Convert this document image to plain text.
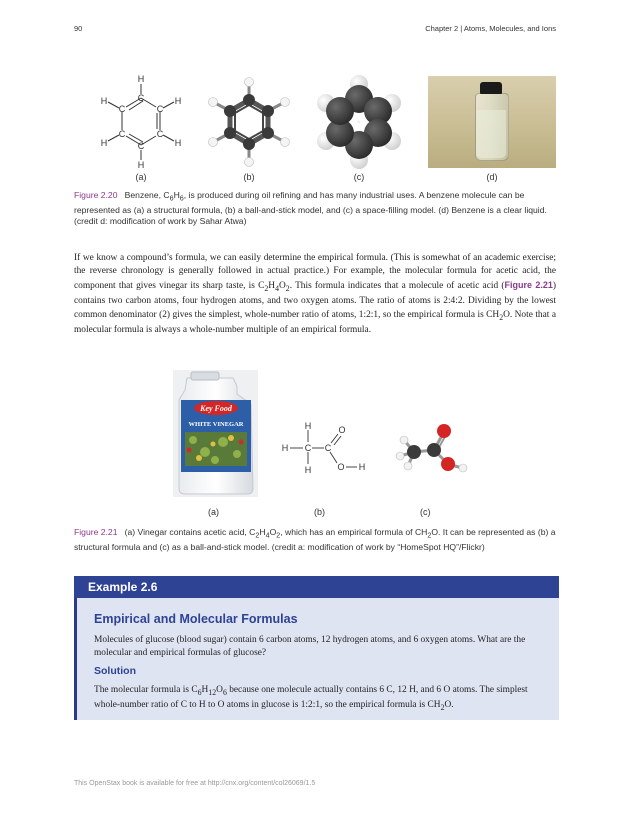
90	Chapter 2 | Atoms, Molecules, and Ions
H
C
C
C
C
C
C
H	H
H
H
H
(a)	(b)	(c)	(d)
Figure 2.20 Benzene, $C_6H_6$, is produced during oil refining and has many industrial uses. A benzene molecule can be represented as (a) a structural formula, (b) a ball-and-stick model, and (c) a space-filling model. (d) Benzene is a clear liquid. (credit d: modification of work by Sahar Atwa)
If we know a compound’s formula, we can easily determine the empirical formula. (This is somewhat of an academic exercise; the reverse chronology is generally followed in actual practice.) For example, the molecular formula for acetic acid, the component that gives vinegar its sharp taste, is $C_2H_4O_2$. This formula indicates that a molecule of acetic acid (Figure 2.21) contains two carbon atoms, four hydrogen atoms, and two oxygen atoms. The ratio of atoms is 2:4:2. Dividing by the lowest common denominator (2) gives the simplest, whole-number ratio of atoms, 1:2:1, so the empirical formula is $CH_2O$. Note that a molecular formula is always a whole-number multiple of an empirical formula.
Key Food
WHITE VINEGAR
H C
H
H
C
O
O H
(a)	(b)	(c)
Figure 2.21 (a) Vinegar contains acetic acid, $C_2H_4O_2$, which has an empirical formula of $CH_2O$. It can be represented as (b) a structural formula and (c) as a ball-and-stick model. (credit a: modification of work by “HomeSpot HQ”/Flickr)
Example 2.6
Empirical and Molecular Formulas
Molecules of glucose (blood sugar) contain 6 carbon atoms, 12 hydrogen atoms, and 6 oxygen atoms. What are the molecular and empirical formulas of glucose?
Solution
The molecular formula is $C_6H_{12}O_6$ because one molecule actually contains 6 C, 12 H, and 6 O atoms. The simplest whole-number ratio of C to H to O atoms in glucose is 1:2:1, so the empirical formula is $CH_2O$.
This OpenStax book is available for free at http://cnx.org/content/col26069/1.5
